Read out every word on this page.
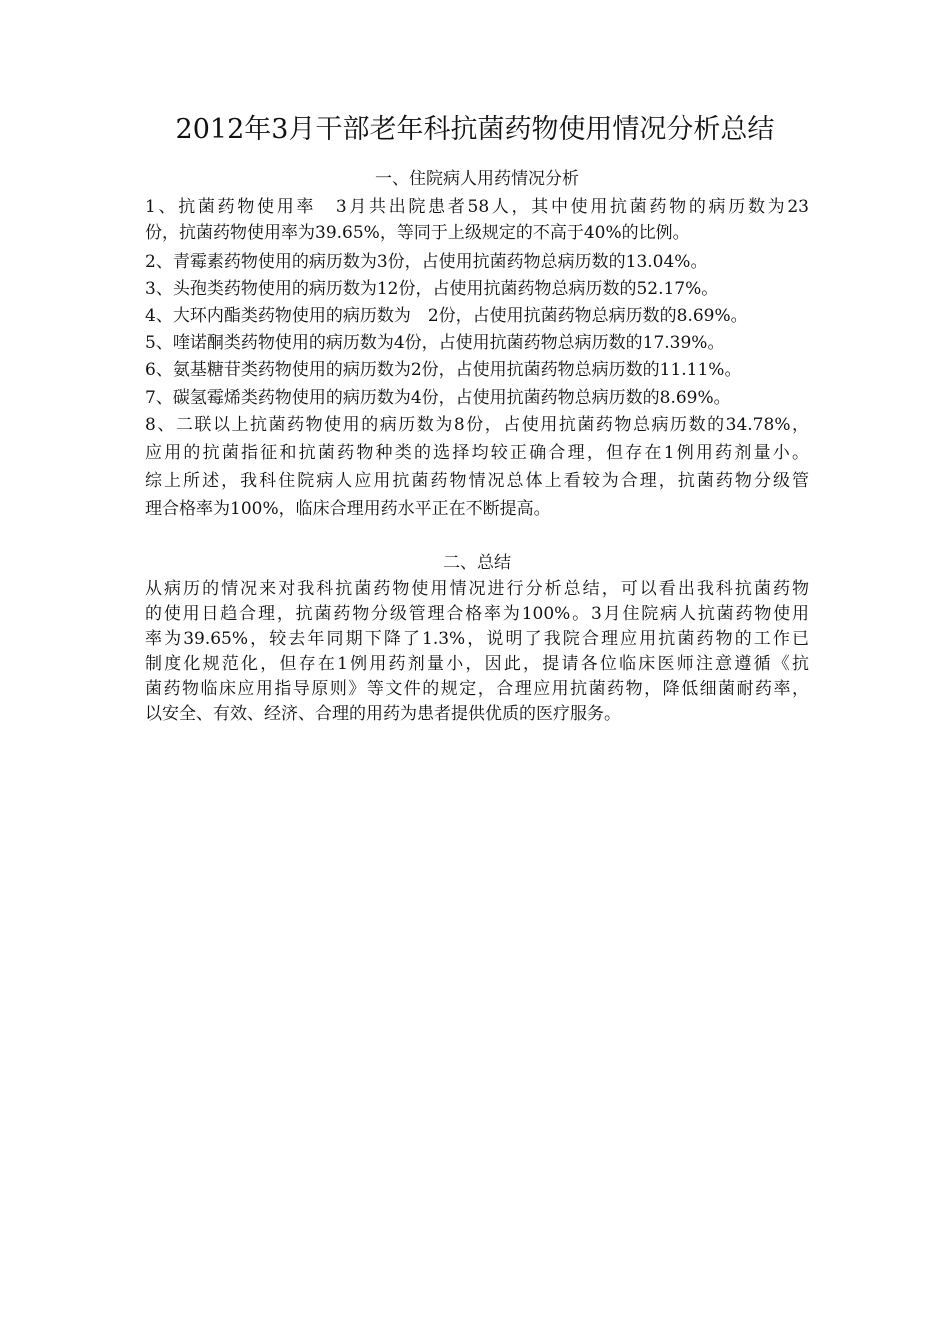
2012年3月干部老年科抗菌药物使用情况分析总结
一、住院病人用药情况分析
1、抗菌药物使用率　3月共出院患者58人，其中使用抗菌药物的病历数为23
份，抗菌药物使用率为39.65%，等同于上级规定的不高于40%的比例。
2、青霉素药物使用的病历数为3份，占使用抗菌药物总病历数的13.04%。
3、头孢类药物使用的病历数为12份，占使用抗菌药物总病历数的52.17%。
4、大环内酯类药物使用的病历数为　2份，占使用抗菌药物总病历数的8.69%。
5、喹诺酮类药物使用的病历数为4份，占使用抗菌药物总病历数的17.39%。
6、氨基糖苷类药物使用的病历数为2份，占使用抗菌药物总病历数的11.11%。
7、碳氢霉烯类药物使用的病历数为4份，占使用抗菌药物总病历数的8.69%。
8、二联以上抗菌药物使用的病历数为8份，占使用抗菌药物总病历数的34.78%，
应用的抗菌指征和抗菌药物种类的选择均较正确合理，但存在1例用药剂量小。
综上所述，我科住院病人应用抗菌药物情况总体上看较为合理，抗菌药物分级管
理合格率为100%，临床合理用药水平正在不断提高。
二、总结
从病历的情况来对我科抗菌药物使用情况进行分析总结，可以看出我科抗菌药物
的使用日趋合理，抗菌药物分级管理合格率为100%。3月住院病人抗菌药物使用
率为39.65%，较去年同期下降了1.3%，说明了我院合理应用抗菌药物的工作已
制度化规范化，但存在1例用药剂量小，因此，提请各位临床医师注意遵循《抗
菌药物临床应用指导原则》等文件的规定，合理应用抗菌药物，降低细菌耐药率，
以安全、有效、经济、合理的用药为患者提供优质的医疗服务。
